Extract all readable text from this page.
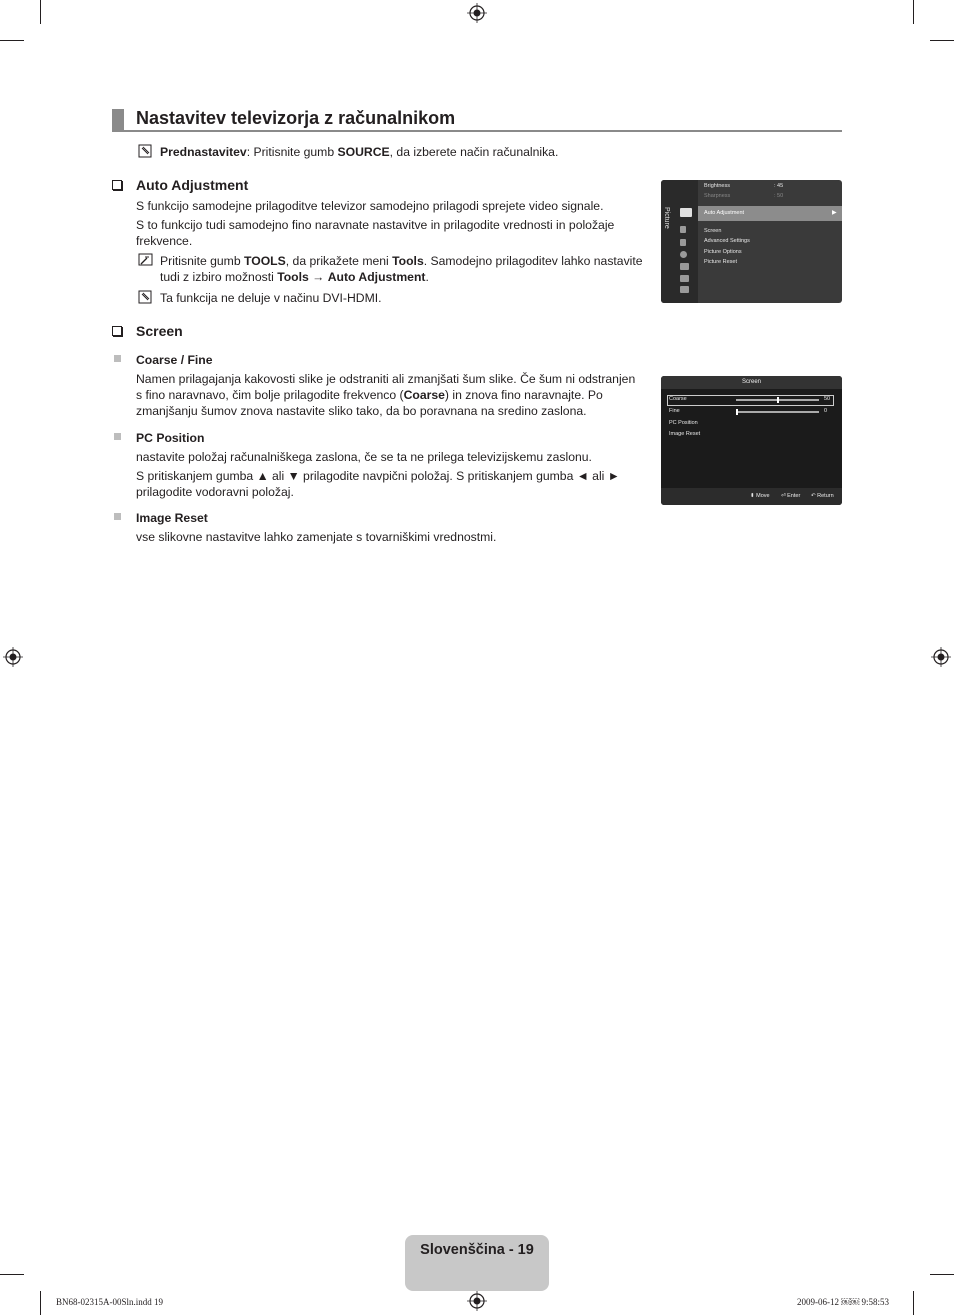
Nastavitev televizorja z računalnikom
Prednastavitev: Pritisnite gumb SOURCE, da izberete način računalnika.
Auto Adjustment
S funkcijo samodejne prilagoditve televizor samodejno prilagodi sprejete video signale.
S to funkcijo tudi samodejno fino naravnate nastavitve in prilagodite vrednosti in položaje
frekvence.
Pritisnite gumb TOOLS, da prikažete meni Tools. Samodejno prilagoditev lahko nastavite
tudi z izbiro možnosti Tools → Auto Adjustment.
Ta funkcija ne deluje v načinu DVI-HDMI.
Picture
Brightness	: 45
Sharpness	: 50
Auto Adjustment	▶
Screen
Advanced Settings
Picture Options
Picture Reset
Screen
Coarse / Fine
Namen prilagajanja kakovosti slike je odstraniti ali zmanjšati šum slike. Če šum ni odstranjen
s fino naravnavo, čim bolje prilagodite frekvenco (Coarse) in znova fino naravnajte. Po
zmanjšanju šumov znova nastavite sliko tako, da bo poravnana na sredino zaslona.
PC Position
nastavite položaj računalniškega zaslona, če se ta ne prilega televizijskemu zaslonu.
S pritiskanjem gumba ▲ ali ▼ prilagodite navpični položaj. S pritiskanjem gumba ◄ ali ►
prilagodite vodoravni položaj.
Image Reset
vse slikovne nastavitve lahko zamenjate s tovarniškimi vrednostmi.
Screen
Coarse	50
Fine	0
PC Position
Image Reset
⬍ Move ⏎ Enter ↶ Return
Slovenščina - 19
BN68-02315A-00Sln.indd 19	2009-06-12 ￼￼ 9:58:53
